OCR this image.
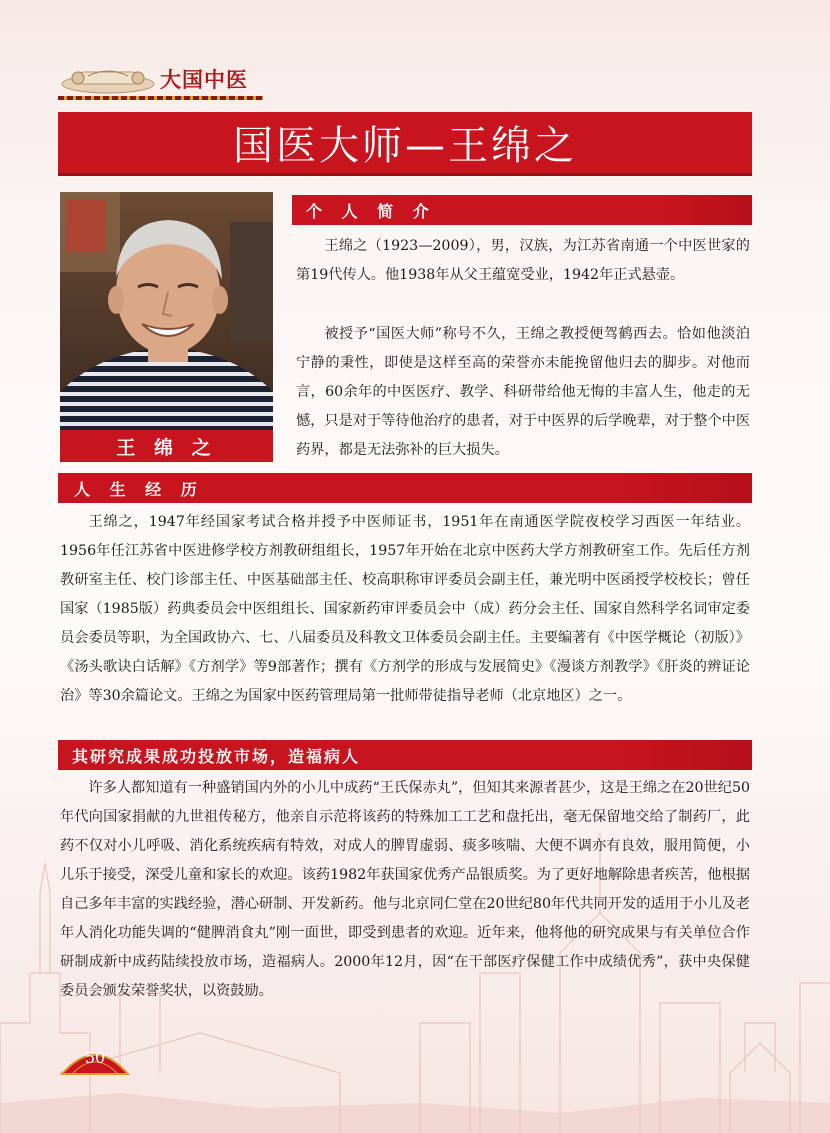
大国中医
国医大师—王绵之
王 绵 之
个 人 简 介

王绵之（1923—2009），男，汉族，为江苏省南通一个中医世家的第19代传人。他1938年从父王蕴宽受业，1942年正式悬壶。

被授予“国医大师”称号不久，王绵之教授便驾鹤西去。恰如他淡泊宁静的秉性，即使是这样至高的荣誉亦未能挽留他归去的脚步。对他而言，60余年的中医医疗、教学、科研带给他无悔的丰富人生，他走的无憾，只是对于等待他治疗的患者，对于中医界的后学晚辈，对于整个中医药界，都是无法弥补的巨大损失。

人 生 经 历

王绵之，1947年经国家考试合格并授予中医师证书，1951年在南通医学院夜校学习西医一年结业。1956年任江苏省中医进修学校方剂教研组组长，1957年开始在北京中医药大学方剂教研室工作。先后任方剂教研室主任、校门诊部主任、中医基础部主任、校高职称审评委员会副主任，兼光明中医函授学校校长；曾任国家（1985版）药典委员会中医组组长、国家新药审评委员会中（成）药分会主任、国家自然科学名词审定委员会委员等职，为全国政协六、七、八届委员及科教文卫体委员会副主任。主要编著有《中医学概论（初版）》《汤头歌诀白话解》《方剂学》等9部著作；撰有《方剂学的形成与发展简史》《漫谈方剂教学》《肝炎的辨证论治》等30余篇论文。王绵之为国家中医药管理局第一批师带徒指导老师（北京地区）之一。

其研究成果成功投放市场，造福病人

许多人都知道有一种盛销国内外的小儿中成药“王氏保赤丸”，但知其来源者甚少，这是王绵之在20世纪50年代向国家捐献的九世祖传秘方，他亲自示范将该药的特殊加工工艺和盘托出，毫无保留地交给了制药厂，此药不仅对小儿呼吸、消化系统疾病有特效，对成人的脾胃虚弱、痰多咳喘、大便不调亦有良效，服用简便，小儿乐于接受，深受儿童和家长的欢迎。该药1982年获国家优秀产品银质奖。为了更好地解除患者疾苦，他根据自己多年丰富的实践经验，潜心研制、开发新药。他与北京同仁堂在20世纪80年代共同开发的适用于小儿及老年人消化功能失调的“健脾消食丸”刚一面世，即受到患者的欢迎。近年来，他将他的研究成果与有关单位合作研制成新中成药陆续投放市场，造福病人。2000年12月，因“在干部医疗保健工作中成绩优秀”，获中央保健委员会颁发荣誉奖状，以资鼓励。

50
